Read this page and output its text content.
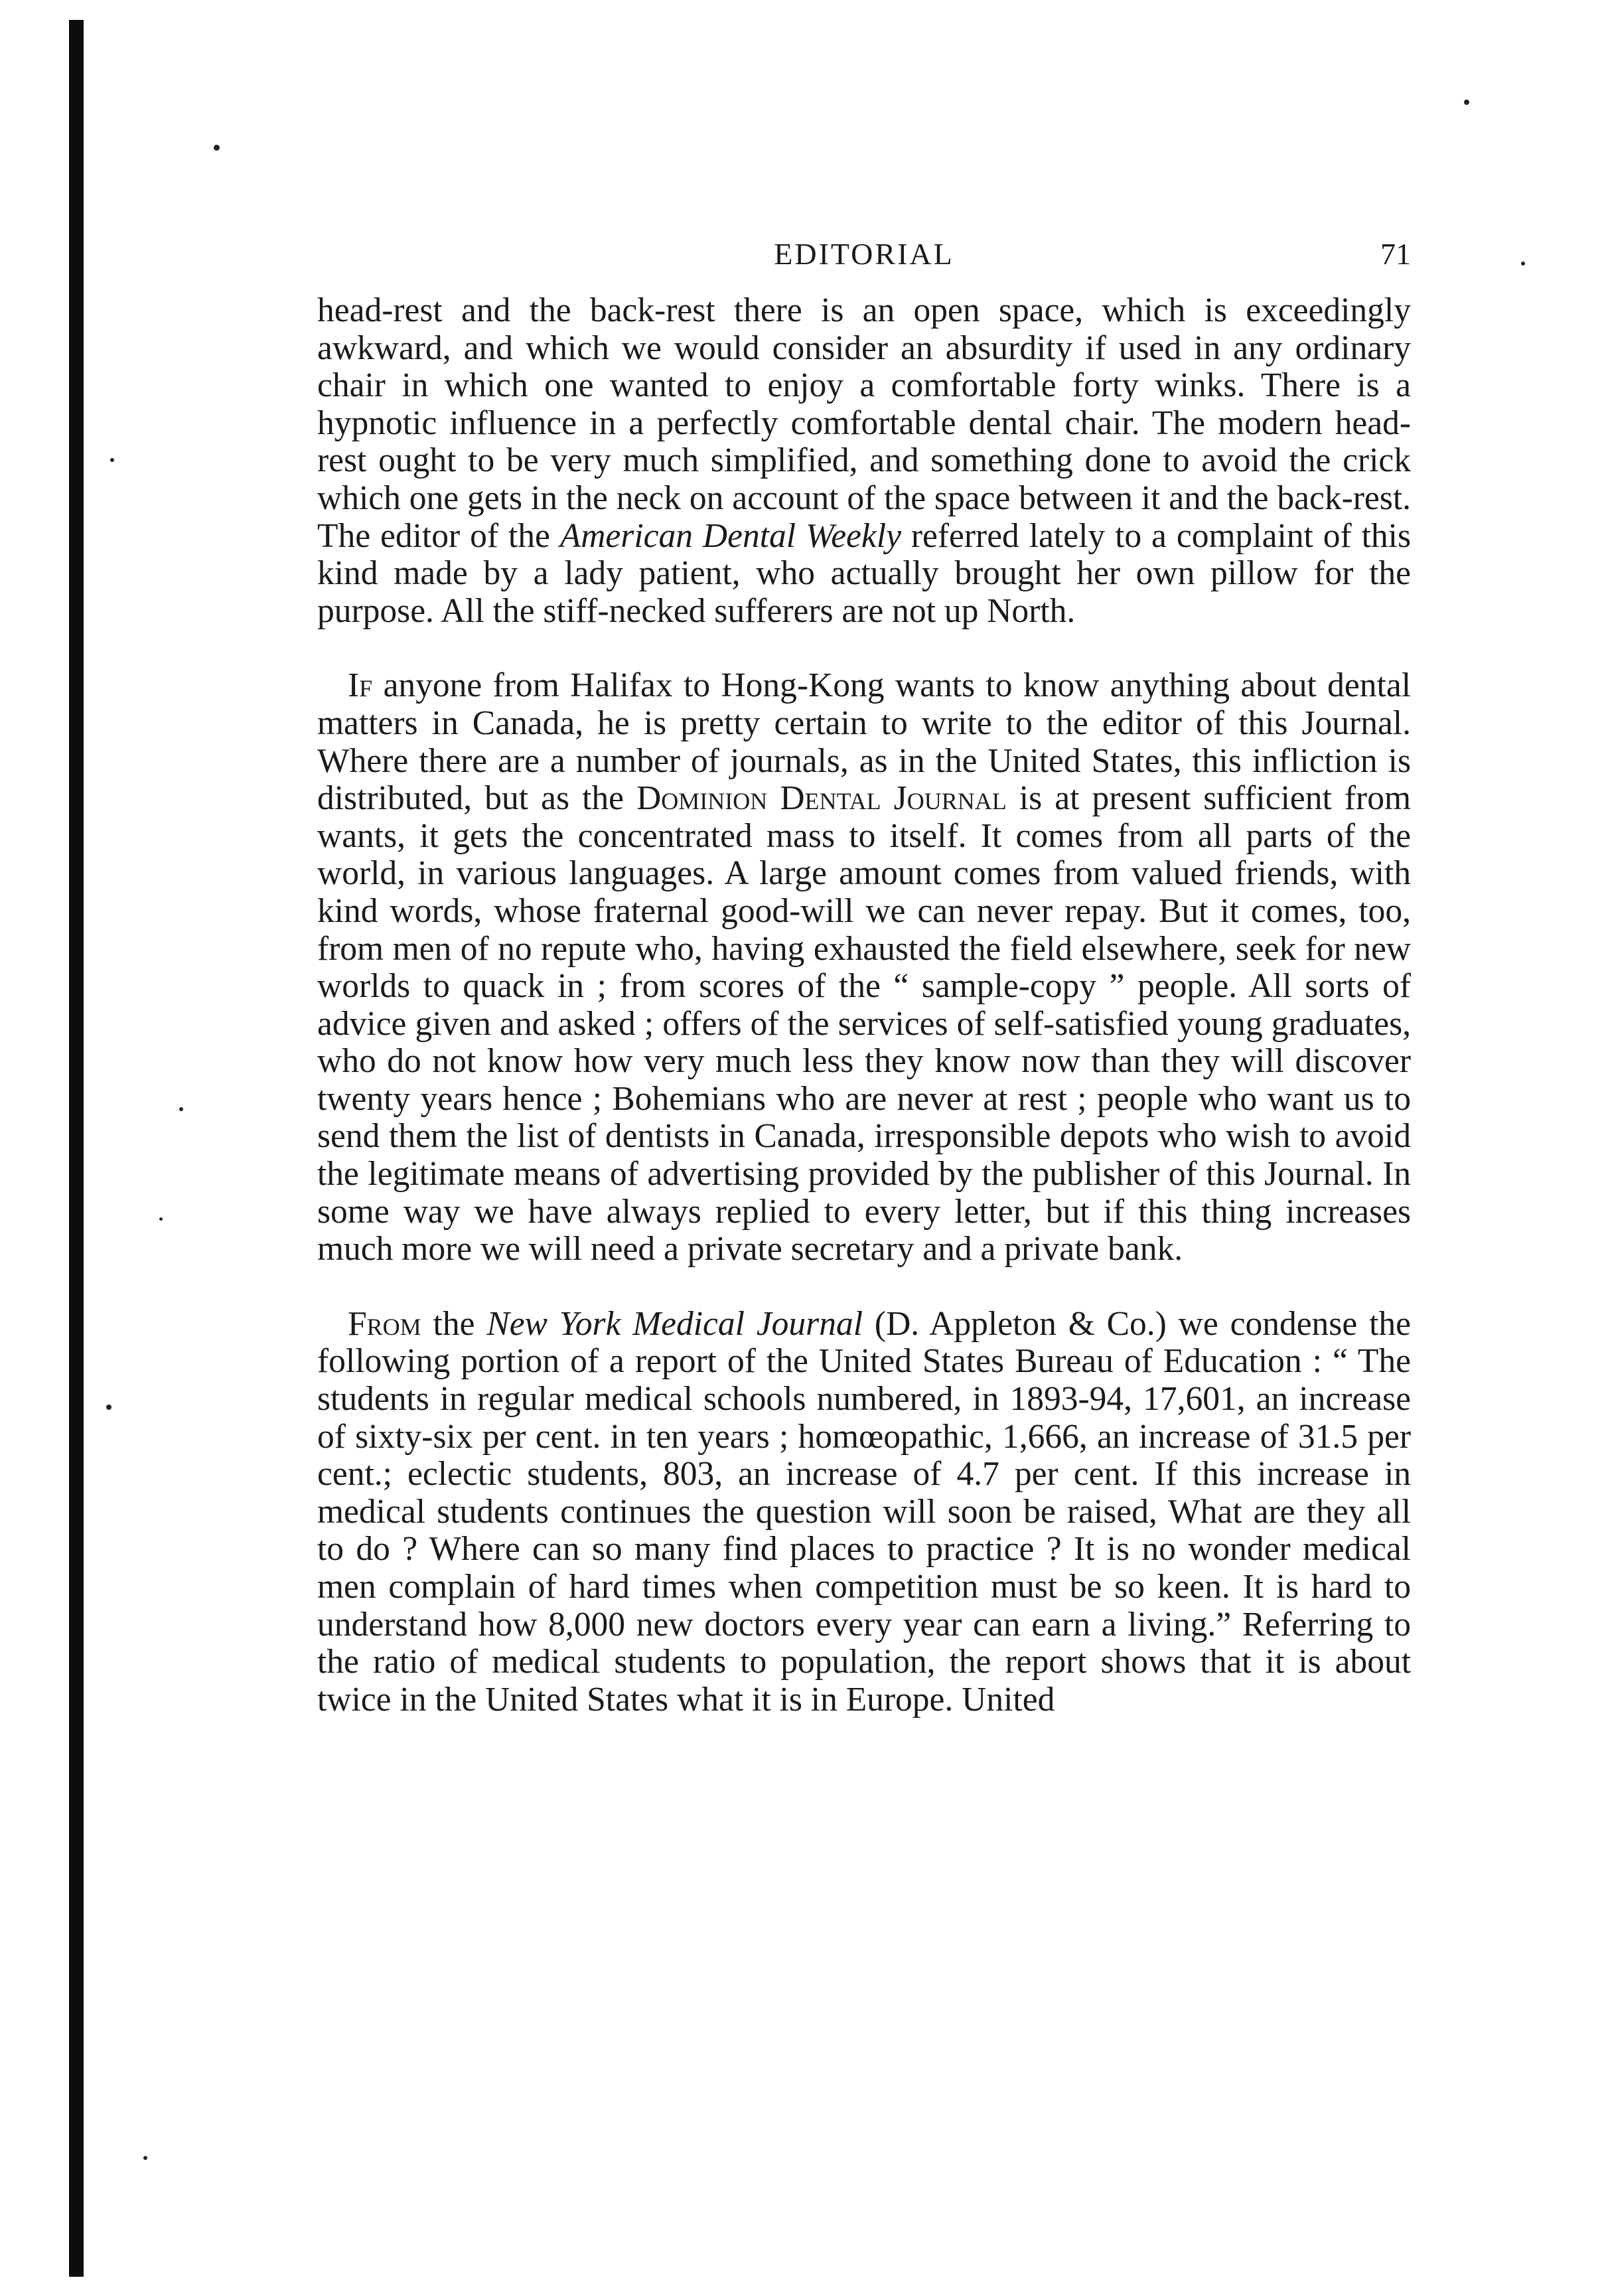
EDITORIAL	71

head-rest and the back-rest there is an open space, which is exceedingly awkward, and which we would consider an absurdity if used in any ordinary chair in which one wanted to enjoy a comfortable forty winks. There is a hypnotic influence in a perfectly comfortable dental chair. The modern head-rest ought to be very much simplified, and something done to avoid the crick which one gets in the neck on account of the space between it and the back-rest. The editor of the American Dental Weekly referred lately to a complaint of this kind made by a lady patient, who actually brought her own pillow for the purpose. All the stiff-necked sufferers are not up North.

If anyone from Halifax to Hong-Kong wants to know anything about dental matters in Canada, he is pretty certain to write to the editor of this Journal. Where there are a number of journals, as in the United States, this infliction is distributed, but as the Dominion Dental Journal is at present sufficient from wants, it gets the concentrated mass to itself. It comes from all parts of the world, in various languages. A large amount comes from valued friends, with kind words, whose fraternal good-will we can never repay. But it comes, too, from men of no repute who, having exhausted the field elsewhere, seek for new worlds to quack in ; from scores of the “ sample-copy ” people. All sorts of advice given and asked ; offers of the services of self-satisfied young graduates, who do not know how very much less they know now than they will discover twenty years hence ; Bohemians who are never at rest ; people who want us to send them the list of dentists in Canada, irresponsible depots who wish to avoid the legitimate means of advertising provided by the publisher of this Journal. In some way we have always replied to every letter, but if this thing increases much more we will need a private secretary and a private bank.

From the New York Medical Journal (D. Appleton & Co.) we condense the following portion of a report of the United States Bureau of Education : “ The students in regular medical schools numbered, in 1893-94, 17,601, an increase of sixty-six per cent. in ten years ; homœopathic, 1,666, an increase of 31.5 per cent.; eclectic students, 803, an increase of 4.7 per cent. If this increase in medical students continues the question will soon be raised, What are they all to do ? Where can so many find places to practice ? It is no wonder medical men complain of hard times when competition must be so keen. It is hard to understand how 8,000 new doctors every year can earn a living.” Referring to the ratio of medical students to population, the report shows that it is about twice in the United States what it is in Europe. United
